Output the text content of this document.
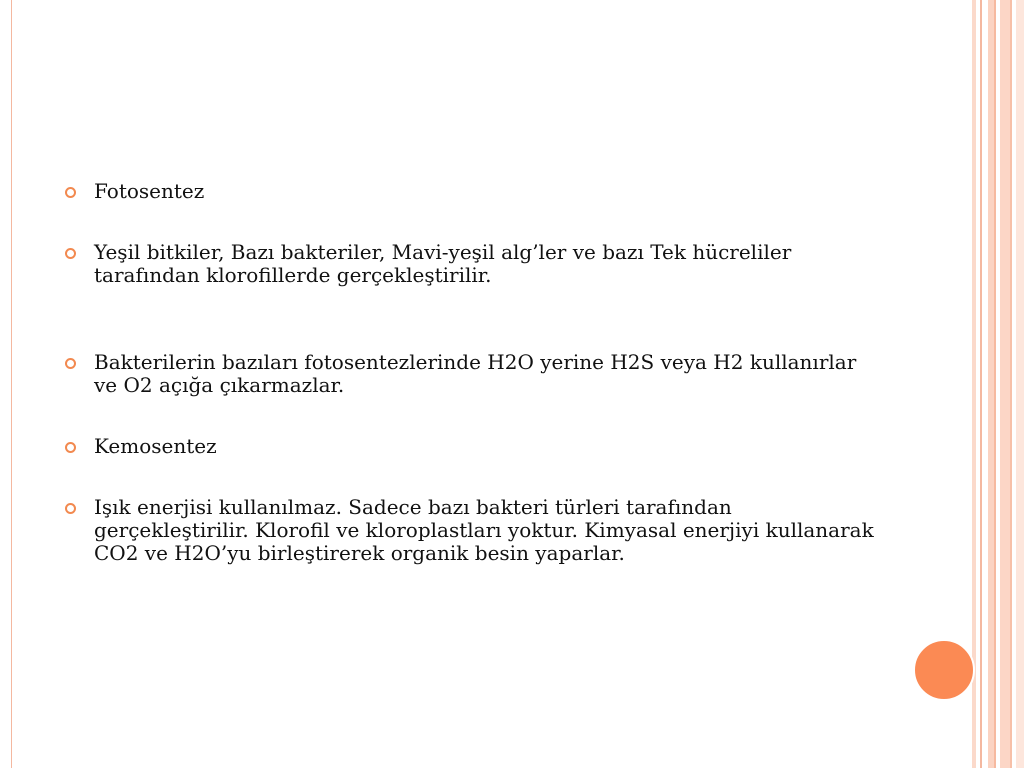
Fotosentez
Yeşil bitkiler, Bazı bakteriler, Mavi-yeşil alg’ler ve bazı Tek hücreliler tarafından klorofillerde gerçekleştirilir.
Bakterilerin bazıları fotosentezlerinde H2O yerine H2S veya H2 kullanırlar ve O2 açığa çıkarmazlar.
Kemosentez
Işık enerjisi kullanılmaz. Sadece bazı bakteri türleri tarafından gerçekleştirilir. Klorofil ve kloroplastları yoktur. Kimyasal enerjiyi kullanarak CO2 ve H2O’yu birleştirerek organik besin yaparlar.
